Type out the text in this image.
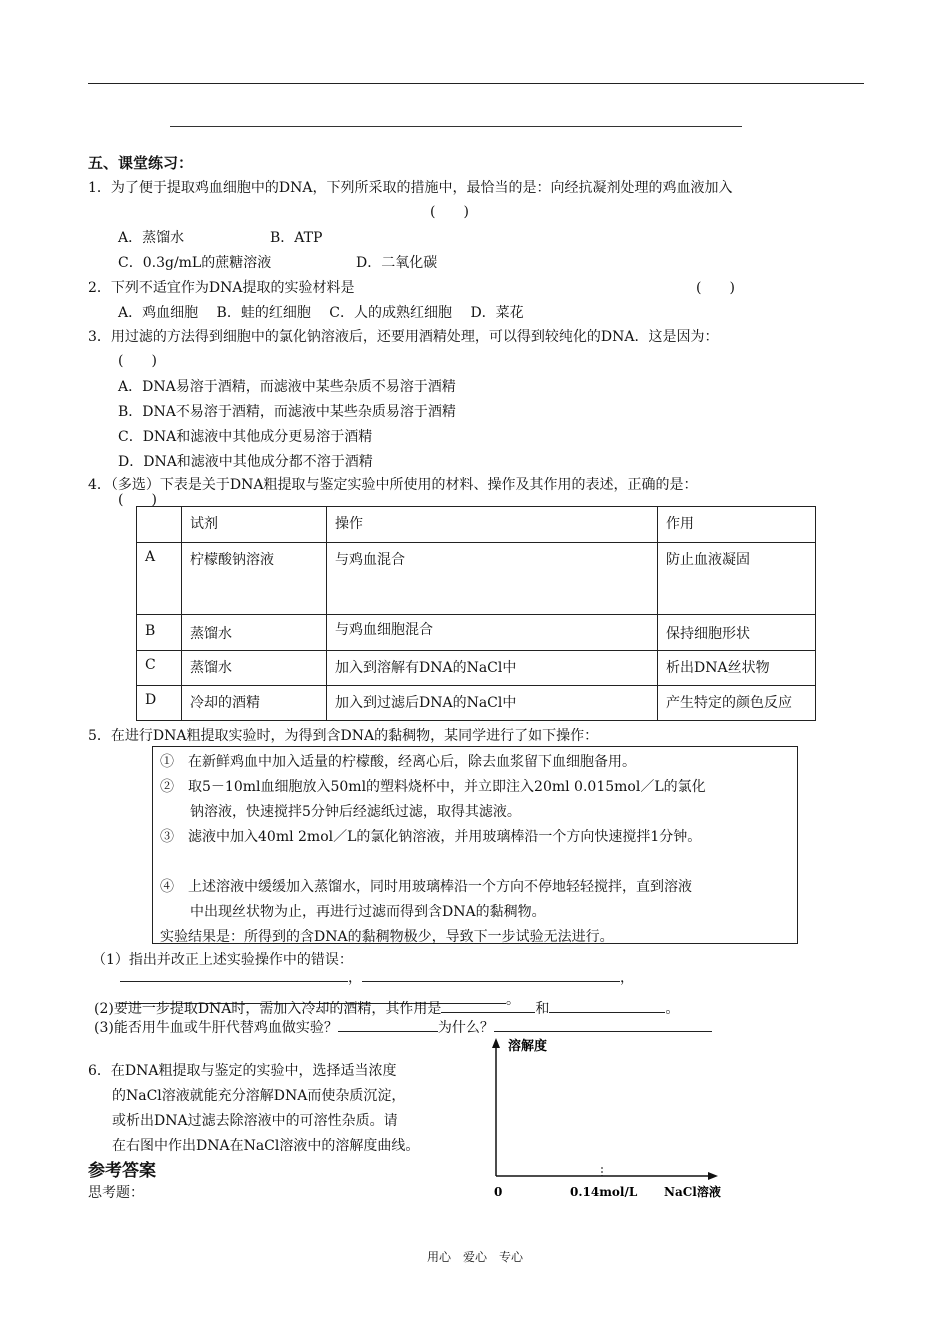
五、课堂练习：
1．为了便于提取鸡血细胞中的DNA，下列所采取的措施中，最恰当的是：向经抗凝剂处理的鸡血液加入
(　　)
A．蒸馏水	B．ATP
C．0.3g/mL的蔗糖溶液	D．二氧化碳
2．下列不适宜作为DNA提取的实验材料是	(　　)
A．鸡血细胞　 B．蛙的红细胞　 C．人的成熟红细胞　 D．菜花
3．用过滤的方法得到细胞中的氯化钠溶液后，还要用酒精处理，可以得到较纯化的DNA．这是因为：
(　　)
A．DNA易溶于酒精，而滤液中某些杂质不易溶于酒精
B．DNA不易溶于酒精，而滤液中某些杂质易溶于酒精
C．DNA和滤液中其他成分更易溶于酒精
D．DNA和滤液中其他成分都不溶于酒精
4．（多选）下表是关于DNA粗提取与鉴定实验中所使用的材料、操作及其作用的表述，正确的是：
(　　)
	试剂	操作	作用
A	柠檬酸钠溶液	与鸡血混合	防止血液凝固
B	蒸馏水	与鸡血细胞混合	保持细胞形状
C	蒸馏水	加入到溶解有DNA的NaCl中	析出DNA丝状物
D	冷却的酒精	加入到过滤后DNA的NaCl中	产生特定的颜色反应
5．在进行DNA粗提取实验时，为得到含DNA的黏稠物，某同学进行了如下操作：
①　在新鲜鸡血中加入适量的柠檬酸，经离心后，除去血浆留下血细胞备用。
②　取5－10ml血细胞放入50ml的塑料烧杯中，并立即注入20ml 0.015mol／L的氯化
钠溶液，快速搅拌5分钟后经滤纸过滤，取得其滤液。
③　滤液中加入40ml 2mol／L的氯化钠溶液，并用玻璃棒沿一个方向快速搅拌1分钟。
④　上述溶液中缓缓加入蒸馏水，同时用玻璃棒沿一个方向不停地轻轻搅拌，直到溶液
中出现丝状物为止，再进行过滤而得到含DNA的黏稠物。
实验结果是：所得到的含DNA的黏稠物极少，导致下一步试验无法进行。
（1）指出并改正上述实验操作中的错误：
，	，
。
(2)要进一步提取DNA时，需加入冷却的酒精，其作用是	和	。
(3)能否用牛血或牛肝代替鸡血做实验？	为什么？
6．在DNA粗提取与鉴定的实验中，选择适当浓度
的NaCl溶液就能充分溶解DNA而使杂质沉淀，
或析出DNA过滤去除溶液中的可溶性杂质。请
在右图中作出DNA在NaCl溶液中的溶解度曲线。
溶解度
0	0.14mol/L NaCl溶液
参考答案
思考题：
用心　爱心　专心
